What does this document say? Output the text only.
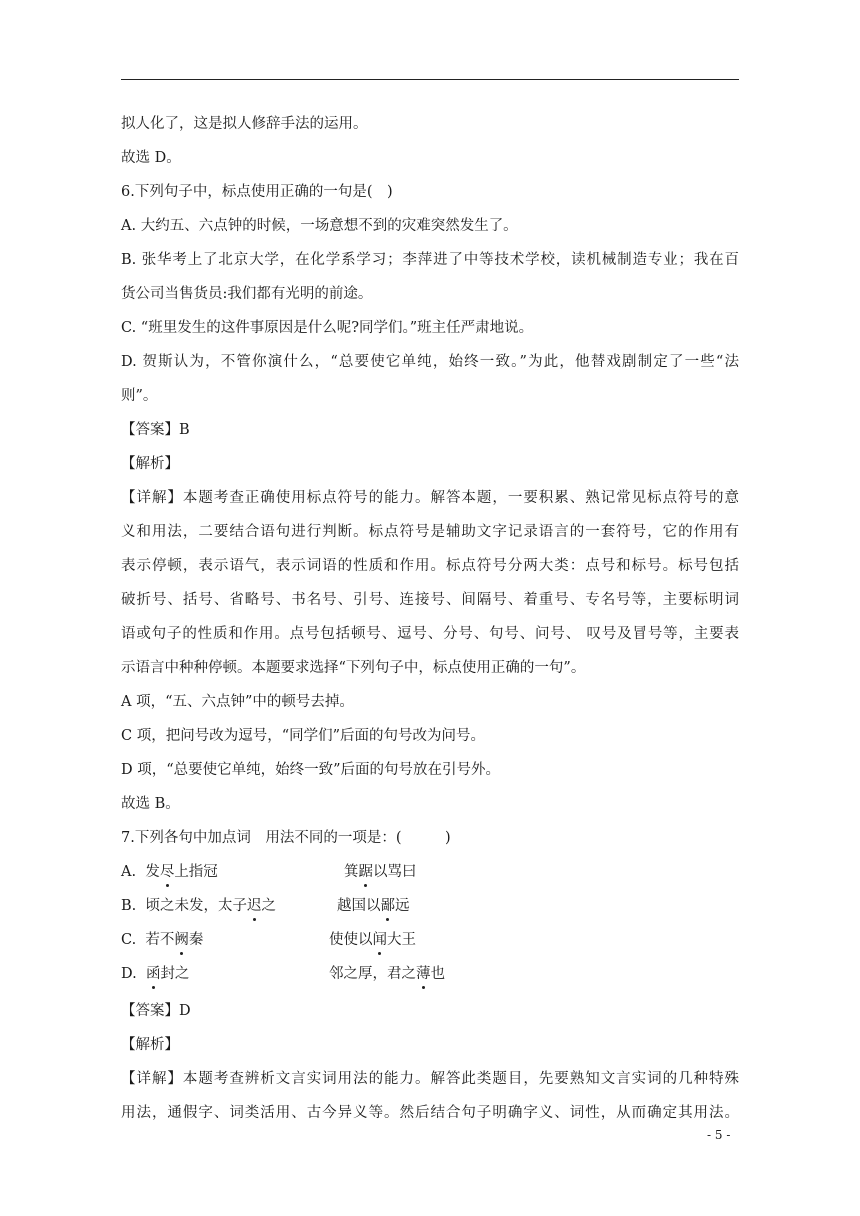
拟人化了，这是拟人修辞手法的运用。
故选 D。
6.下列句子中，标点使用正确的一句是(　)
A. 大约五、六点钟的时候，一场意想不到的灾难突然发生了。
B. 张华考上了北京大学，在化学系学习；李萍进了中等技术学校，读机械制造专业；我在百
货公司当售货员:我们都有光明的前途。
C. “班里发生的这件事原因是什么呢?同学们。”班主任严肃地说。
D. 贺斯认为，不管你演什么，“总要使它单纯，始终一致。”为此，他替戏剧制定了一些“法
则”。
【答案】B
【解析】
【详解】本题考查正确使用标点符号的能力。解答本题，一要积累、熟记常见标点符号的意
义和用法，二要结合语句进行判断。标点符号是辅助文字记录语言的一套符号，它的作用有
表示停顿，表示语气，表示词语的性质和作用。标点符号分两大类：点号和标号。标号包括
破折号、括号、省略号、书名号、引号、连接号、间隔号、着重号、专名号等，主要标明词
语或句子的性质和作用。点号包括顿号、逗号、分号、句号、问号、 叹号及冒号等，主要表
示语言中种种停顿。本题要求选择“下列句子中，标点使用正确的一句”。
A 项，“五、六点钟”中的顿号去掉。
C 项，把问号改为逗号，“同学们”后面的句号改为问号。
D 项，“总要使它单纯，始终一致”后面的句号放在引号外。
故选 B。
7.下列各句中加点词　用法不同的一项是：(　　　)
A. 发尽上指冠	箕踞以骂曰
B. 顷之未发，太子迟之	越国以鄙远
C. 若不阙秦	使使以闻大王
D. 函封之	邻之厚，君之薄也
【答案】D
【解析】
【详解】本题考查辨析文言实词用法的能力。解答此类题目，先要熟知文言实词的几种特殊
用法，通假字、词类活用、古今异义等。然后结合句子明确字义、词性，从而确定其用法。
- 5 -
